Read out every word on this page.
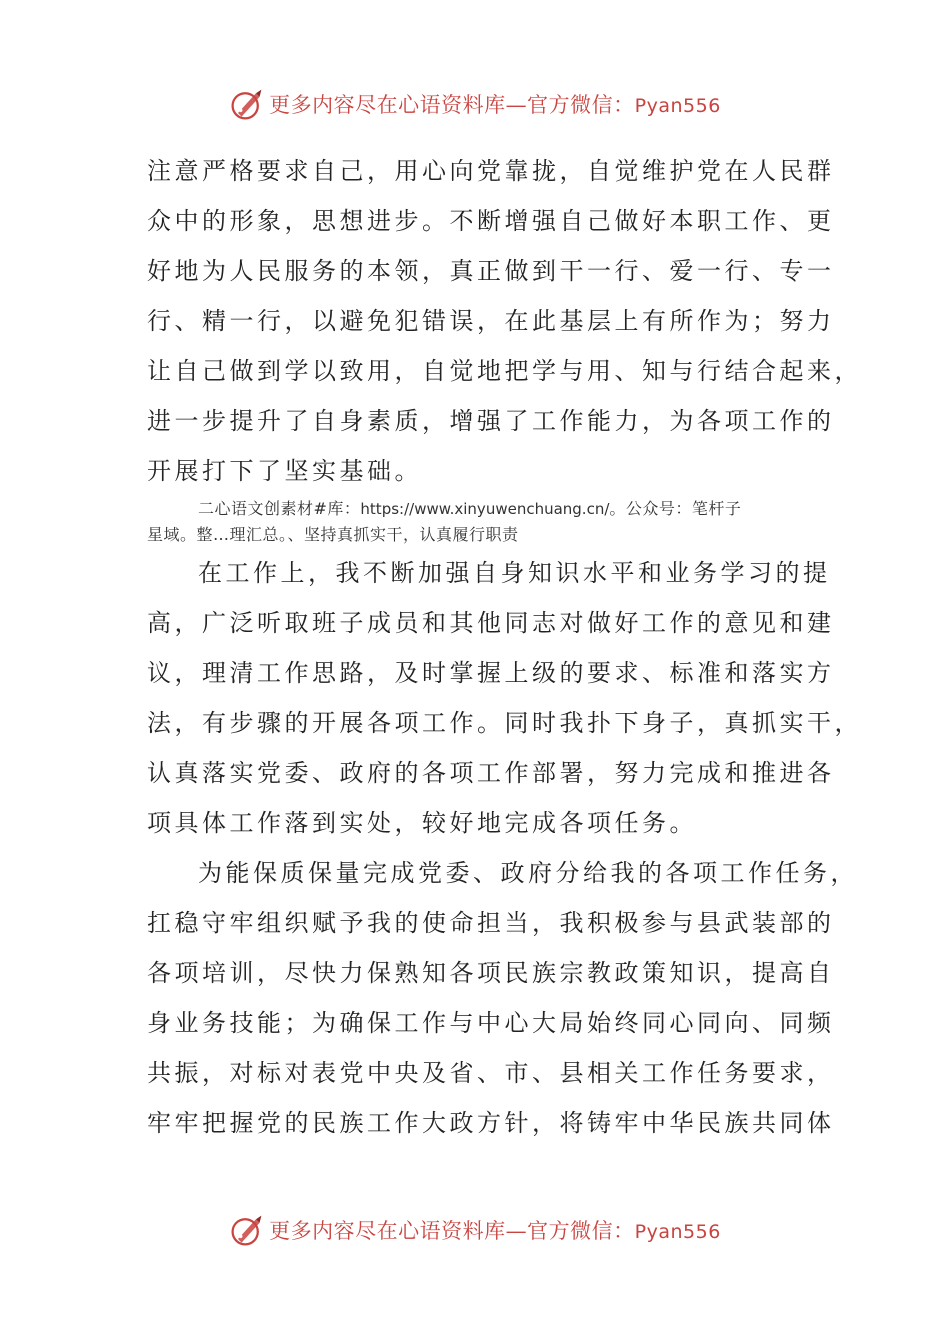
更多内容尽在心语资料库—官方微信：Pyan556
注意严格要求自己，用心向党靠拢，自觉维护党在人民群
众中的形象，思想进步。不断增强自己做好本职工作、更
好地为人民服务的本领，真正做到干一行、爱一行、专一
行、精一行，以避免犯错误，在此基层上有所作为；努力
让自己做到学以致用，自觉地把学与用、知与行结合起来，
进一步提升了自身素质，增强了工作能力，为各项工作的
开展打下了坚实基础。
二心语文创素材#库：https://www.xinyuwenchuang.cn/。公众号：笔杆子
星域。整…理汇总。、坚持真抓实干，认真履行职责
在工作上，我不断加强自身知识水平和业务学习的提
高，广泛听取班子成员和其他同志对做好工作的意见和建
议，理清工作思路，及时掌握上级的要求、标准和落实方
法，有步骤的开展各项工作。同时我扑下身子，真抓实干，
认真落实党委、政府的各项工作部署，努力完成和推进各
项具体工作落到实处，较好地完成各项任务。
为能保质保量完成党委、政府分给我的各项工作任务，
扛稳守牢组织赋予我的使命担当，我积极参与县武装部的
各项培训，尽快力保熟知各项民族宗教政策知识，提高自
身业务技能；为确保工作与中心大局始终同心同向、同频
共振，对标对表党中央及省、市、县相关工作任务要求，
牢牢把握党的民族工作大政方针，将铸牢中华民族共同体
更多内容尽在心语资料库—官方微信：Pyan556
